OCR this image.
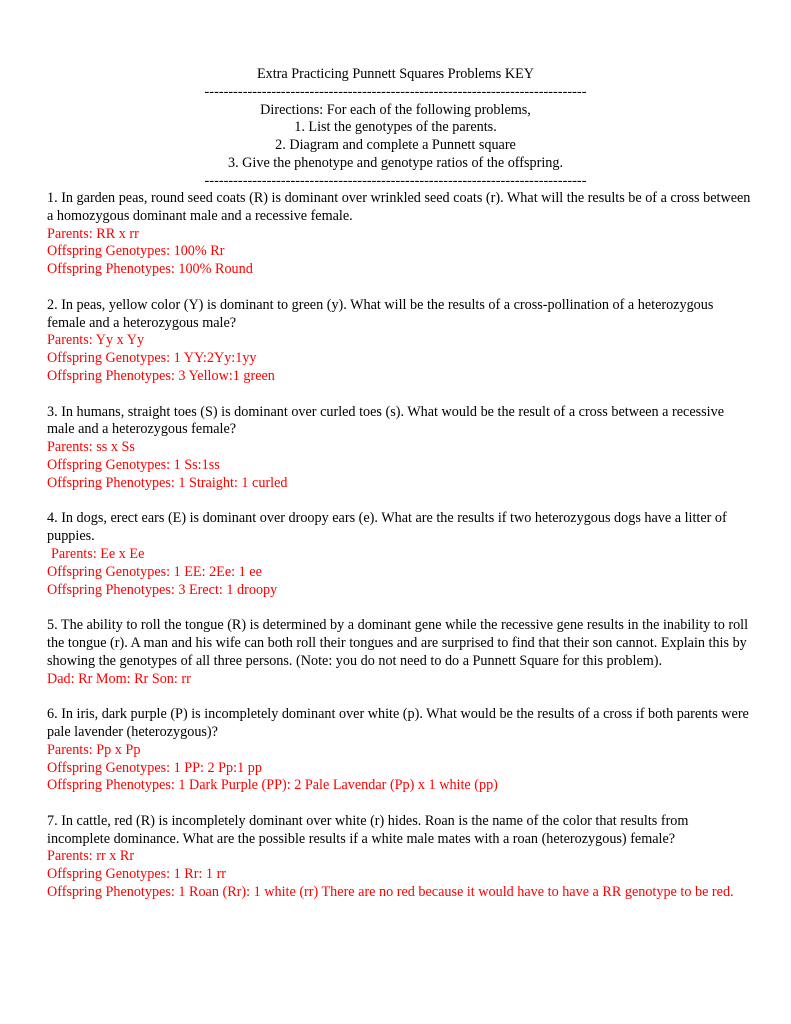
Extra Practicing Punnett Squares Problems KEY
--------------------------------------------------------------------------------
Directions: For each of the following problems,
1. List the genotypes of the parents.
2. Diagram and complete a Punnett square
3. Give the phenotype and genotype ratios of the offspring.
--------------------------------------------------------------------------------
1. In garden peas, round seed coats (R) is dominant over wrinkled seed coats (r). What will the results be of a cross between a homozygous dominant male and a recessive female.
Parents: RR x rr
Offspring Genotypes: 100% Rr
Offspring Phenotypes: 100% Round
2. In peas, yellow color (Y) is dominant to green (y). What will be the results of a cross-pollination of a heterozygous female and a heterozygous male?
Parents: Yy x Yy
Offspring Genotypes: 1 YY:2Yy:1yy
Offspring Phenotypes: 3 Yellow:1 green
3. In humans, straight toes (S) is dominant over curled toes (s). What would be the result of a cross between a recessive male and a heterozygous female?
Parents: ss x Ss
Offspring Genotypes: 1 Ss:1ss
Offspring Phenotypes: 1 Straight: 1 curled
4. In dogs, erect ears (E) is dominant over droopy ears (e). What are the results if two heterozygous dogs have a litter of puppies.
Parents: Ee x Ee
Offspring Genotypes: 1 EE: 2Ee: 1 ee
Offspring Phenotypes: 3 Erect: 1 droopy
5. The ability to roll the tongue (R) is determined by a dominant gene while the recessive gene results in the inability to roll the tongue (r). A man and his wife can both roll their tongues and are surprised to find that their son cannot. Explain this by showing the genotypes of all three persons. (Note: you do not need to do a Punnett Square for this problem).
Dad: Rr Mom: Rr Son: rr
6. In iris, dark purple (P) is incompletely dominant over white (p). What would be the results of a cross if both parents were pale lavender (heterozygous)?
Parents: Pp x Pp
Offspring Genotypes: 1 PP: 2 Pp:1 pp
Offspring Phenotypes: 1 Dark Purple (PP): 2 Pale Lavendar (Pp) x 1 white (pp)
7. In cattle, red (R) is incompletely dominant over white (r) hides. Roan is the name of the color that results from incomplete dominance. What are the possible results if a white male mates with a roan (heterozygous) female?
Parents: rr x Rr
Offspring Genotypes: 1 Rr: 1 rr
Offspring Phenotypes: 1 Roan (Rr): 1 white (rr) There are no red because it would have to have a RR genotype to be red.
